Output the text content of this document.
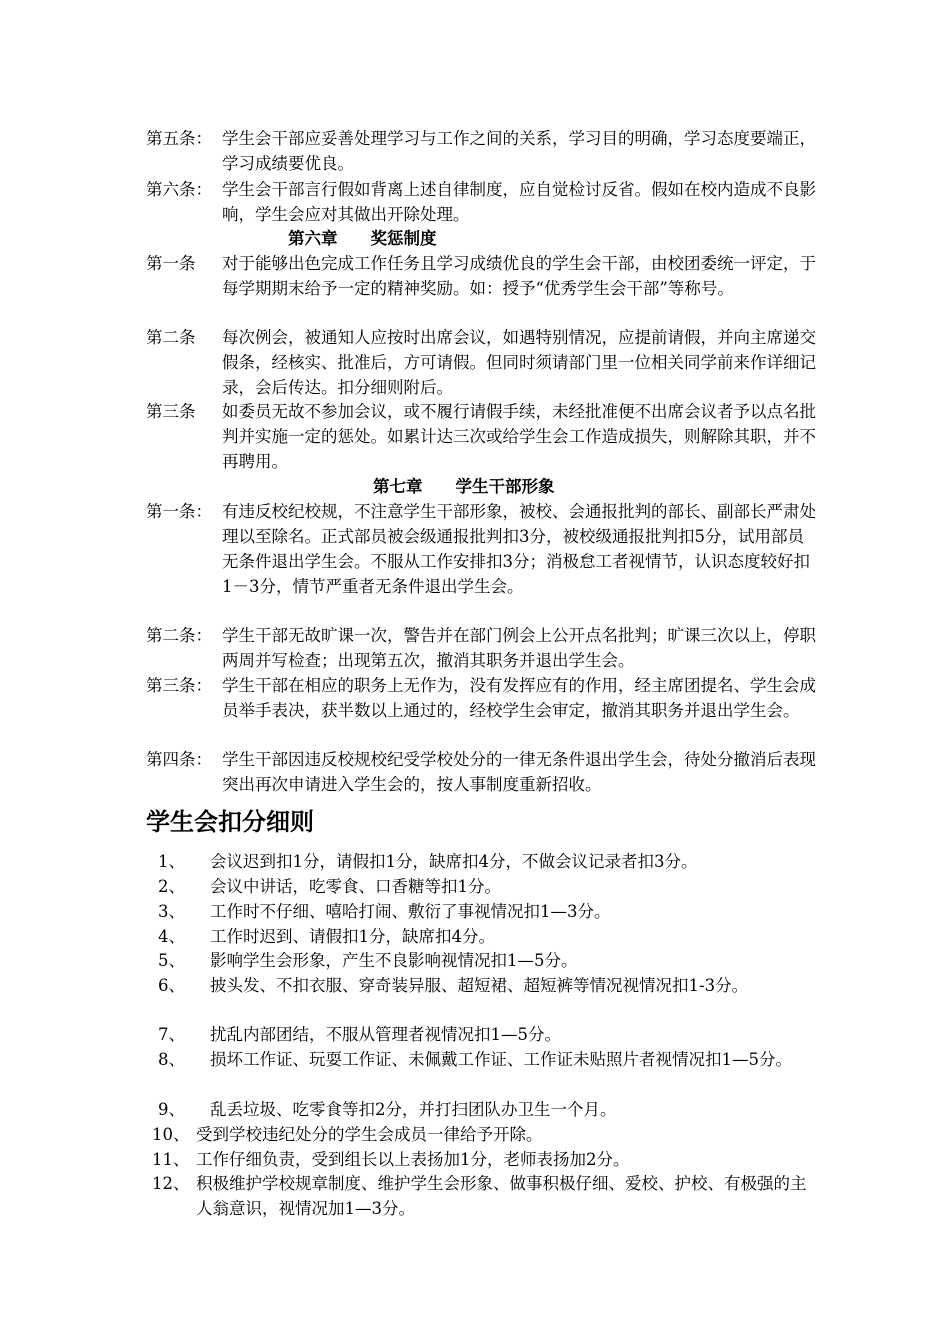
第五条： 学生会干部应妥善处理学习与工作之间的关系，学习目的明确，学习态度要端正，学习成绩要优良。
第六条： 学生会干部言行假如背离上述自律制度，应自觉检讨反省。假如在校内造成不良影响，学生会应对其做出开除处理。
第六章　　奖惩制度
第一条	对于能够出色完成工作任务且学习成绩优良的学生会干部，由校团委统一评定，于每学期期末给予一定的精神奖励。如：授予“优秀学生会干部”等称号。
第二条	每次例会，被通知人应按时出席会议，如遇特别情况，应提前请假，并向主席递交假条，经核实、批准后，方可请假。但同时须请部门里一位相关同学前来作详细记录，会后传达。扣分细则附后。
第三条	如委员无故不参加会议，或不履行请假手续，未经批准便不出席会议者予以点名批判并实施一定的惩处。如累计达三次或给学生会工作造成损失，则解除其职，并不再聘用。
第七章　　学生干部形象
第一条： 有违反校纪校规，不注意学生干部形象，被校、会通报批判的部长、副部长严肃处理以至除名。正式部员被会级通报批判扣3分，被校级通报批判扣5分，试用部员无条件退出学生会。不服从工作安排扣3分；消极怠工者视情节，认识态度较好扣1－3分，情节严重者无条件退出学生会。
第二条： 学生干部无故旷课一次，警告并在部门例会上公开点名批判；旷课三次以上，停职两周并写检查；出现第五次，撤消其职务并退出学生会。
第三条： 学生干部在相应的职务上无作为，没有发挥应有的作用，经主席团提名、学生会成员举手表决，获半数以上通过的，经校学生会审定，撤消其职务并退出学生会。
第四条： 学生干部因违反校规校纪受学校处分的一律无条件退出学生会，待处分撤消后表现突出再次申请进入学生会的，按人事制度重新招收。
学生会扣分细则
1、	会议迟到扣1分，请假扣1分，缺席扣4分，不做会议记录者扣3分。
2、	会议中讲话，吃零食、口香糖等扣1分。
3、	工作时不仔细、嘻哈打闹、敷衍了事视情况扣1—3分。
4、	工作时迟到、请假扣1分，缺席扣4分。
5、	影响学生会形象，产生不良影响视情况扣1—5分。
6、	披头发、不扣衣服、穿奇装异服、超短裙、超短裤等情况视情况扣1-3分。
7、	扰乱内部团结，不服从管理者视情况扣1—5分。
8、	损坏工作证、玩耍工作证、未佩戴工作证、工作证未贴照片者视情况扣1—5分。
9、	乱丢垃圾、吃零食等扣2分，并打扫团队办卫生一个月。
10、 受到学校违纪处分的学生会成员一律给予开除。
11、 工作仔细负责，受到组长以上表扬加1分，老师表扬加2分。
12、 积极维护学校规章制度、维护学生会形象、做事积极仔细、爱校、护校、有极强的主人翁意识，视情况加1—3分。
